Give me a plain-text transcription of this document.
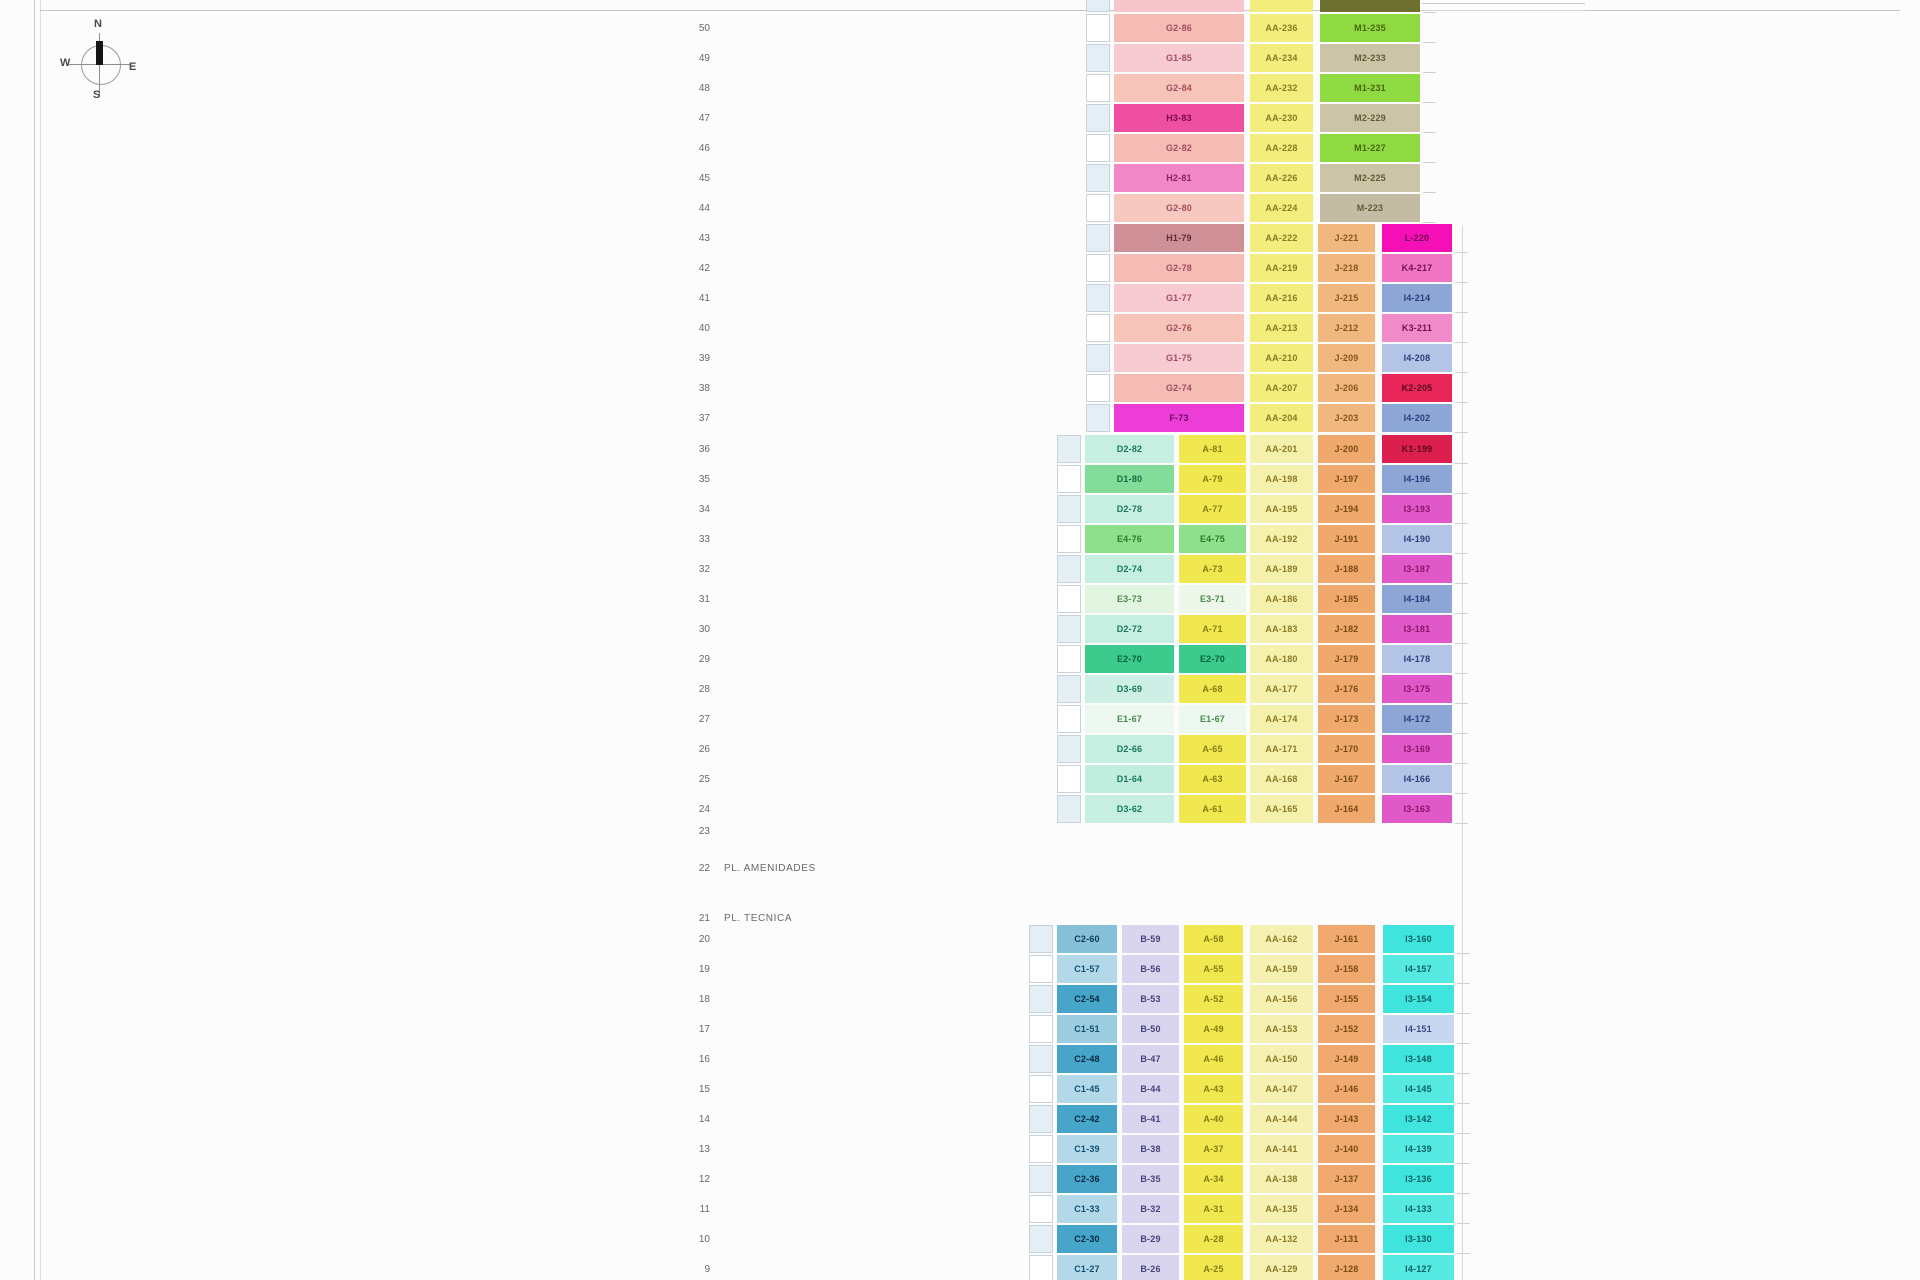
N
W	E
S
G2-86	AA-236	M1-235
50
G1-85	AA-234	M2-233
49
G2-84	AA-232	M1-231
48
H3-83	AA-230	M2-229
47
G2-82	AA-228	M1-227
46
H2-81	AA-226	M2-225
45
G2-80	AA-224	M-223
44
H1-79	AA-222	J-221	L-220
43
G2-78	AA-219	J-218	K4-217
42
G1-77	AA-216	J-215	I4-214
41
G2-76	AA-213	J-212	K3-211
40
G1-75	AA-210	J-209	I4-208
39
G2-74	AA-207	J-206	K2-205
38
F-73	AA-204	J-203	I4-202
37
D2-82	A-81	AA-201	J-200	K1-199
36
D1-80	A-79	AA-198	J-197	I4-196
35
D2-78	A-77	AA-195	J-194	I3-193
34
E4-76	E4-75	AA-192	J-191	I4-190
33
D2-74	A-73	AA-189	J-188	I3-187
32
E3-73	E3-71	AA-186	J-185	I4-184
31
D2-72	A-71	AA-183	J-182	I3-181
30
E2-70	E2-70	AA-180	J-179	I4-178
29
D3-69	A-68	AA-177	J-176	I3-175
28
E1-67	E1-67	AA-174	J-173	I4-172
27
D2-66	A-65	AA-171	J-170	I3-169
26
D1-64	A-63	AA-168	J-167	I4-166
25
D3-62	A-61	AA-165	J-164	I3-163
24
C2-60	B-59	A-58	AA-162	J-161	I3-160
20
C1-57	B-56	A-55	AA-159	J-158	I4-157
19
C2-54	B-53	A-52	AA-156	J-155	I3-154
18
C1-51	B-50	A-49	AA-153	J-152	I4-151
17
C2-48	B-47	A-46	AA-150	J-149	I3-148
16
C1-45	B-44	A-43	AA-147	J-146	I4-145
15
C2-42	B-41	A-40	AA-144	J-143	I3-142
14
C1-39	B-38	A-37	AA-141	J-140	I4-139
13
C2-36	B-35	A-34	AA-138	J-137	I3-136
12
C1-33	B-32	A-31	AA-135	J-134	I4-133
11
C2-30	B-29	A-28	AA-132	J-131	I3-130
10
C1-27	B-26	A-25	AA-129	J-128	I4-127
9
23
22 PL. AMENIDADES
21 PL. TECNICA
